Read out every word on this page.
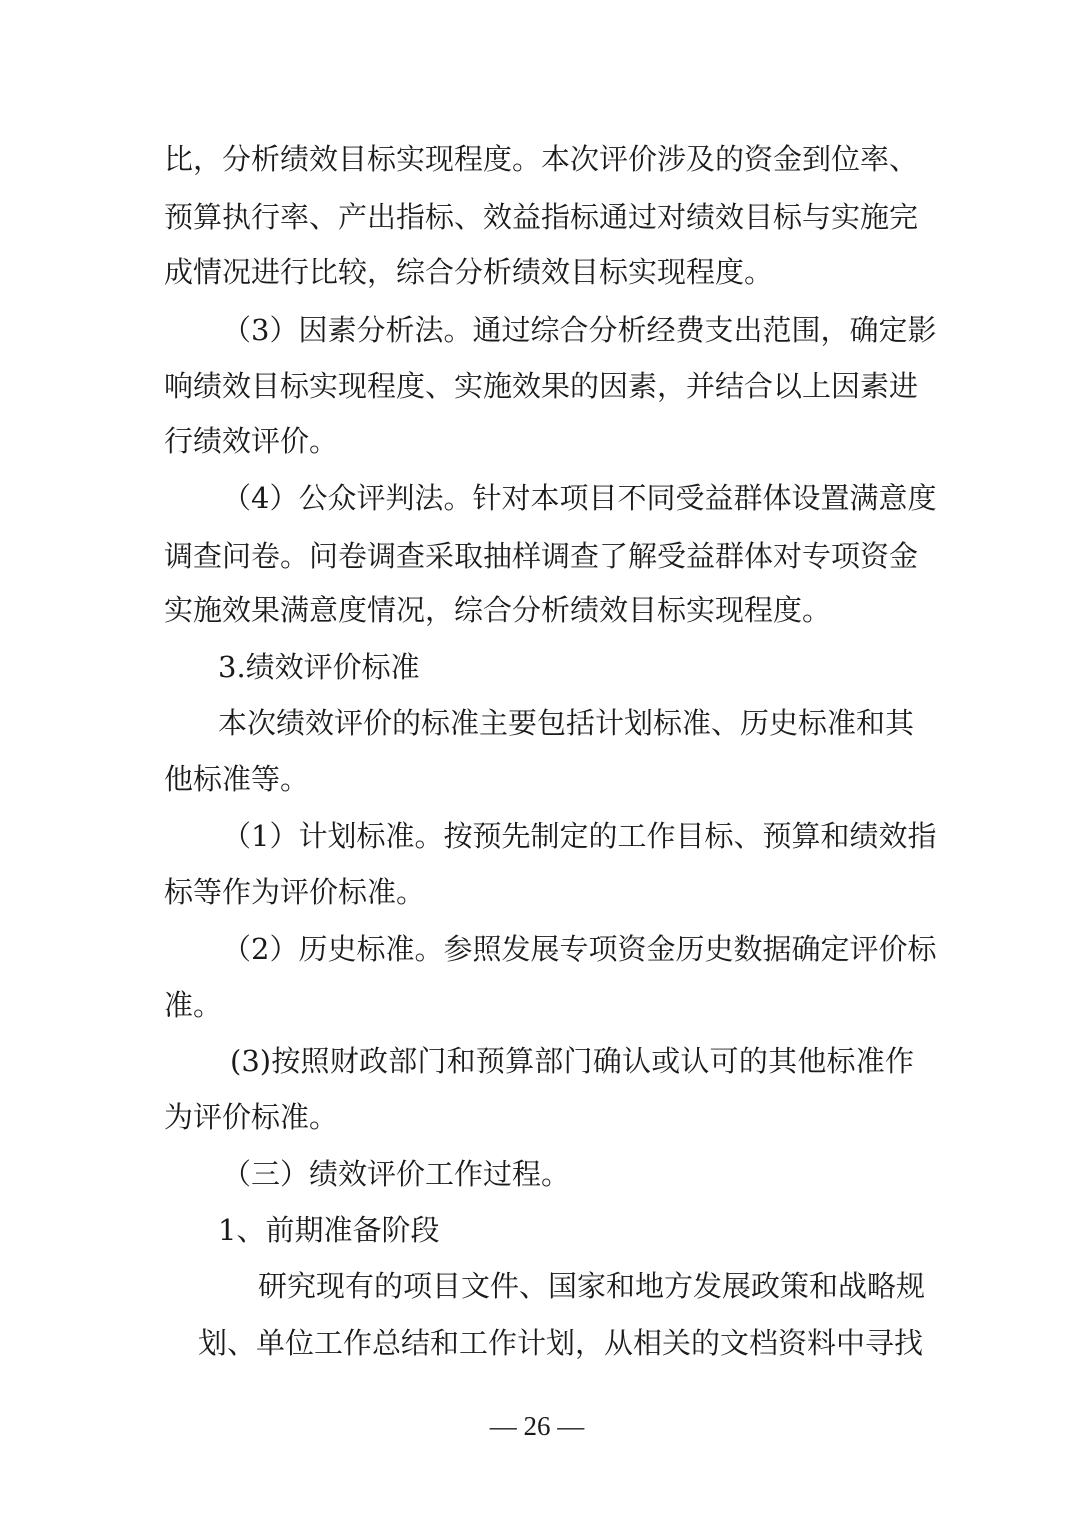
比，分析绩效目标实现程度。本次评价涉及的资金到位率、
预算执行率、产出指标、效益指标通过对绩效目标与实施完
成情况进行比较，综合分析绩效目标实现程度。
（3）因素分析法。通过综合分析经费支出范围，确定影
响绩效目标实现程度、实施效果的因素，并结合以上因素进
行绩效评价。
（4）公众评判法。针对本项目不同受益群体设置满意度
调查问卷。问卷调查采取抽样调查了解受益群体对专项资金
实施效果满意度情况，综合分析绩效目标实现程度。
3.绩效评价标准
本次绩效评价的标准主要包括计划标准、历史标准和其
他标准等。
（1）计划标准。按预先制定的工作目标、预算和绩效指
标等作为评价标准。
（2）历史标准。参照发展专项资金历史数据确定评价标
准。
(3)按照财政部门和预算部门确认或认可的其他标准作
为评价标准。
（三）绩效评价工作过程。
1、前期准备阶段
研究现有的项目文件、国家和地方发展政策和战略规
划、单位工作总结和工作计划，从相关的文档资料中寻找
— 26 —
